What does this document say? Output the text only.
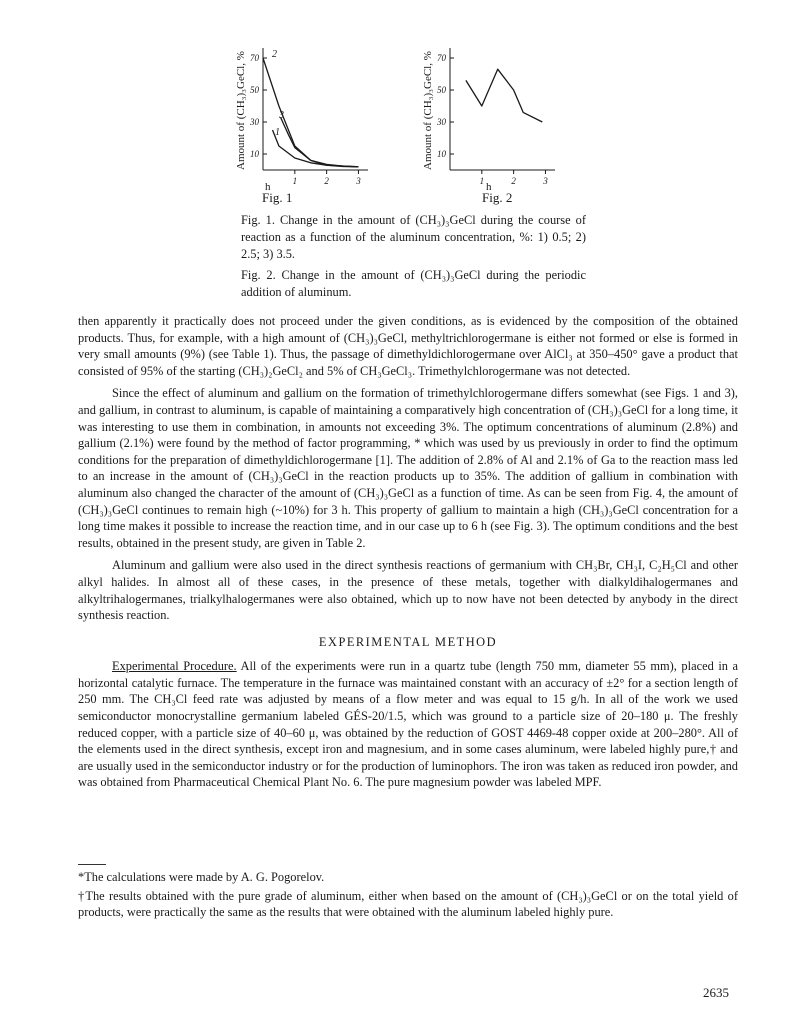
Amount of (CH₃)₃GeCl, % 70
50
30
10
1	2	3
2
3
1
h
Fig. 1
Amount of (CH₃)₃GeCl, % 70
50
30
10
1	2	3
h
Fig. 2
Fig. 1. Change in the amount of (CH₃)₃GeCl during the course of reaction as a function of the aluminum concentration, %: 1) 0.5; 2) 2.5; 3) 3.5.
Fig. 2. Change in the amount of (CH₃)₃GeCl during the periodic addition of aluminum.

then apparently it practically does not proceed under the given conditions, as is evidenced by the composition of the obtained products. Thus, for example, with a high amount of (CH₃)₃GeCl, methyltrichlorogermane is either not formed or else is formed in very small amounts (9%) (see Table 1). Thus, the passage of dimethyldichlorogermane over AlCl₃ at 350–450° gave a product that consisted of 95% of the starting (CH₃)₂GeCl₂ and 5% of CH₃GeCl₃. Trimethylchlorogermane was not detected.

Since the effect of aluminum and gallium on the formation of trimethylchlorogermane differs somewhat (see Figs. 1 and 3), and gallium, in contrast to aluminum, is capable of maintaining a comparatively high concentration of (CH₃)₃GeCl for a long time, it was interesting to use them in combination, in amounts not exceeding 3%. The optimum concentrations of aluminum (2.8%) and gallium (2.1%) were found by the method of factor programming, * which was used by us previously in order to find the optimum conditions for the preparation of dimethyldichlorogermane [1]. The addition of 2.8% of Al and 2.1% of Ga to the reaction mass led to an increase in the amount of (CH₃)₃GeCl in the reaction products up to 35%. The addition of gallium in combination with aluminum also changed the character of the amount of (CH₃)₃GeCl as a function of time. As can be seen from Fig. 4, the amount of (CH₃)₃GeCl continues to remain high (~10%) for 3 h. This property of gallium to maintain a high (CH₃)₃GeCl concentration for a long time makes it possible to increase the reaction time, and in our case up to 6 h (see Fig. 3). The optimum conditions and the best results, obtained in the present study, are given in Table 2.

Aluminum and gallium were also used in the direct synthesis reactions of germanium with CH₃Br, CH₃I, C₂H₅Cl and other alkyl halides. In almost all of these cases, in the presence of these metals, together with dialkyldihalogermanes and alkyltrihalogermanes, trialkylhalogermanes were also obtained, which up to now have not been detected by anybody in the direct synthesis reaction.

EXPERIMENTAL METHOD

Experimental Procedure. All of the experiments were run in a quartz tube (length 750 mm, diameter 55 mm), placed in a horizontal catalytic furnace. The temperature in the furnace was maintained constant with an accuracy of ±2° for a section length of 250 mm. The CH₃Cl feed rate was adjusted by means of a flow meter and was equal to 15 g/h. In all of the work we used semiconductor monocrystalline germanium labeled GÉS-20/1.5, which was ground to a particle size of 20–180 μ. The freshly reduced copper, with a particle size of 40–60 μ, was obtained by the reduction of GOST 4469-48 copper oxide at 200–280°. All of the elements used in the direct synthesis, except iron and magnesium, and in some cases aluminum, were labeled highly pure,† and are usually used in the semiconductor industry or for the production of luminophors. The iron was taken as reduced iron powder, and was obtained from Pharmaceutical Chemical Plant No. 6. The pure magnesium powder was labeled MPF.

*The calculations were made by A. G. Pogorelov.

†The results obtained with the pure grade of aluminum, either when based on the amount of (CH₃)₃GeCl or on the total yield of products, were practically the same as the results that were obtained with the aluminum labeled highly pure.

2635
